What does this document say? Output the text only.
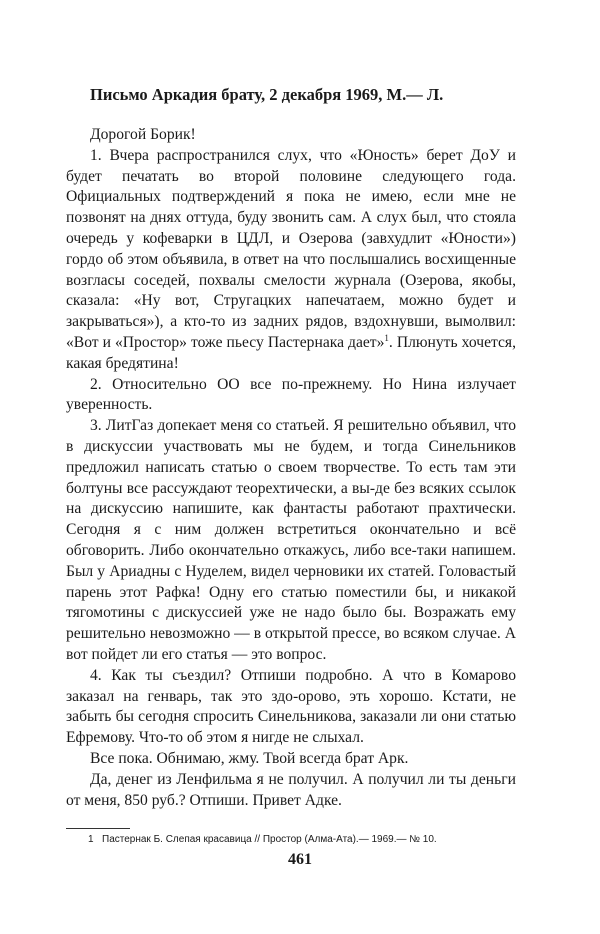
Письмо Аркадия брату, 2 декабря 1969, М.— Л.

Дорогой Борик!

1. Вчера распространился слух, что «Юность» берет ДоУ и будет печатать во второй половине следующего года. Официальных подтверждений я пока не имею, если мне не позвонят на днях оттуда, буду звонить сам. А слух был, что стояла очередь у кофеварки в ЦДЛ, и Озерова (завхудлит «Юности») гордо об этом объявила, в ответ на что послышались восхищенные возгласы соседей, похвалы смелости журнала (Озерова, якобы, сказала: «Ну вот, Стругацких напечатаем, можно будет и закрываться»), а кто-то из задних рядов, вздохнувши, вымолвил: «Вот и «Простор» тоже пьесу Пастернака дает»$^1$. Плюнуть хочется, какая бредятина!

2. Относительно ОО все по-прежнему. Но Нина излучает уверенность.

3. ЛитГаз допекает меня со статьей. Я решительно объявил, что в дискуссии участвовать мы не будем, и тогда Синельников предложил написать статью о своем творчестве. То есть там эти болтуны все рассуждают теорехтически, а вы-де без всяких ссылок на дискуссию напишите, как фантасты работают прахтически. Сегодня я с ним должен встретиться окончательно и всё обговорить. Либо окончательно откажусь, либо все-таки напишем. Был у Ариадны с Нуделем, видел черновики их статей. Головастый парень этот Рафка! Одну его статью поместили бы, и никакой тягомотины с дискуссией уже не надо было бы. Возражать ему решительно невозможно — в открытой прессе, во всяком случае. А вот пойдет ли его статья — это вопрос.

4. Как ты съездил? Отпиши подробно. А что в Комарово заказал на генварь, так это здо-орово, эть хорошо. Кстати, не забыть бы сегодня спросить Синельникова, заказали ли они статью Ефремову. Что-то об этом я нигде не слыхал.

Все пока. Обнимаю, жму. Твой всегда брат Арк.

Да, денег из Ленфильма я не получил. А получил ли ты деньги от меня, 850 руб.? Отпиши. Привет Адке.

1 Пастернак Б. Слепая красавица // Простор (Алма-Ата).— 1969.— № 10.
461
